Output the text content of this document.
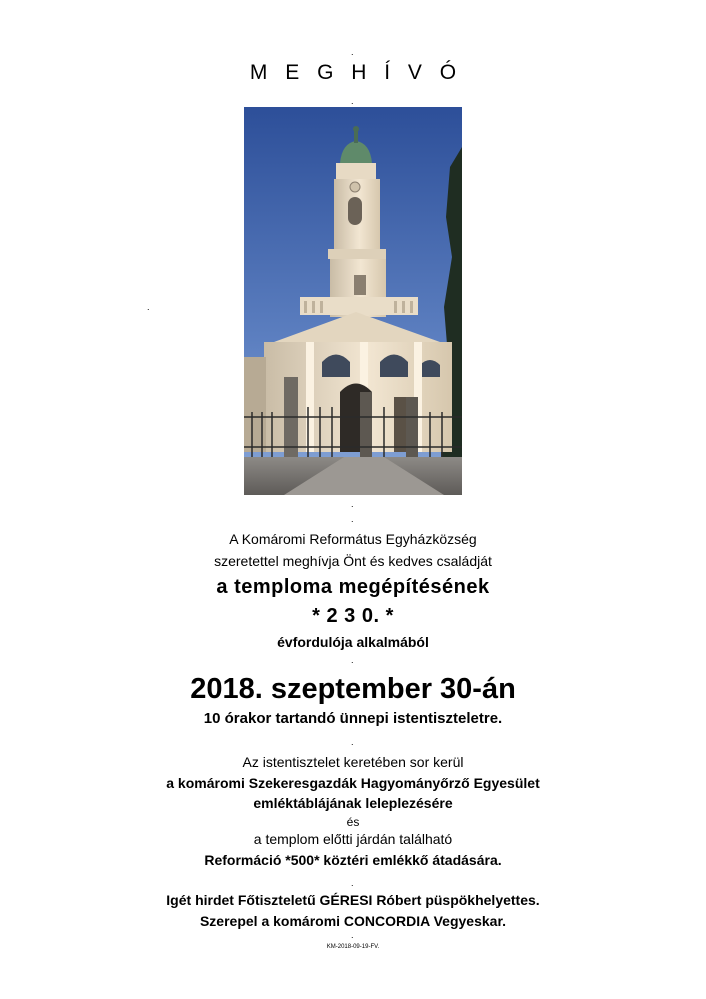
.
.
.
.
.
.
.
.
.
M E G H Í V Ó
A Komáromi Református Egyházközség
szeretettel meghívja Önt és kedves családját
a temploma megépítésének
* 2 3 0. *
évfordulója alkalmából
2018. szeptember 30-án
10 órakor tartandó ünnepi istentiszteletre.
Az istentisztelet keretében sor kerül
a komáromi Szekeresgazdák Hagyományőrző Egyesület
emléktáblájának leleplezésére
és
a templom előtti járdán található
Reformáció *500* köztéri emlékkő átadására.
Igét hirdet Főtiszteletű GÉRESI Róbert püspökhelyettes.
Szerepel a komáromi CONCORDIA Vegyeskar.
KM-2018-09-19-FV.
